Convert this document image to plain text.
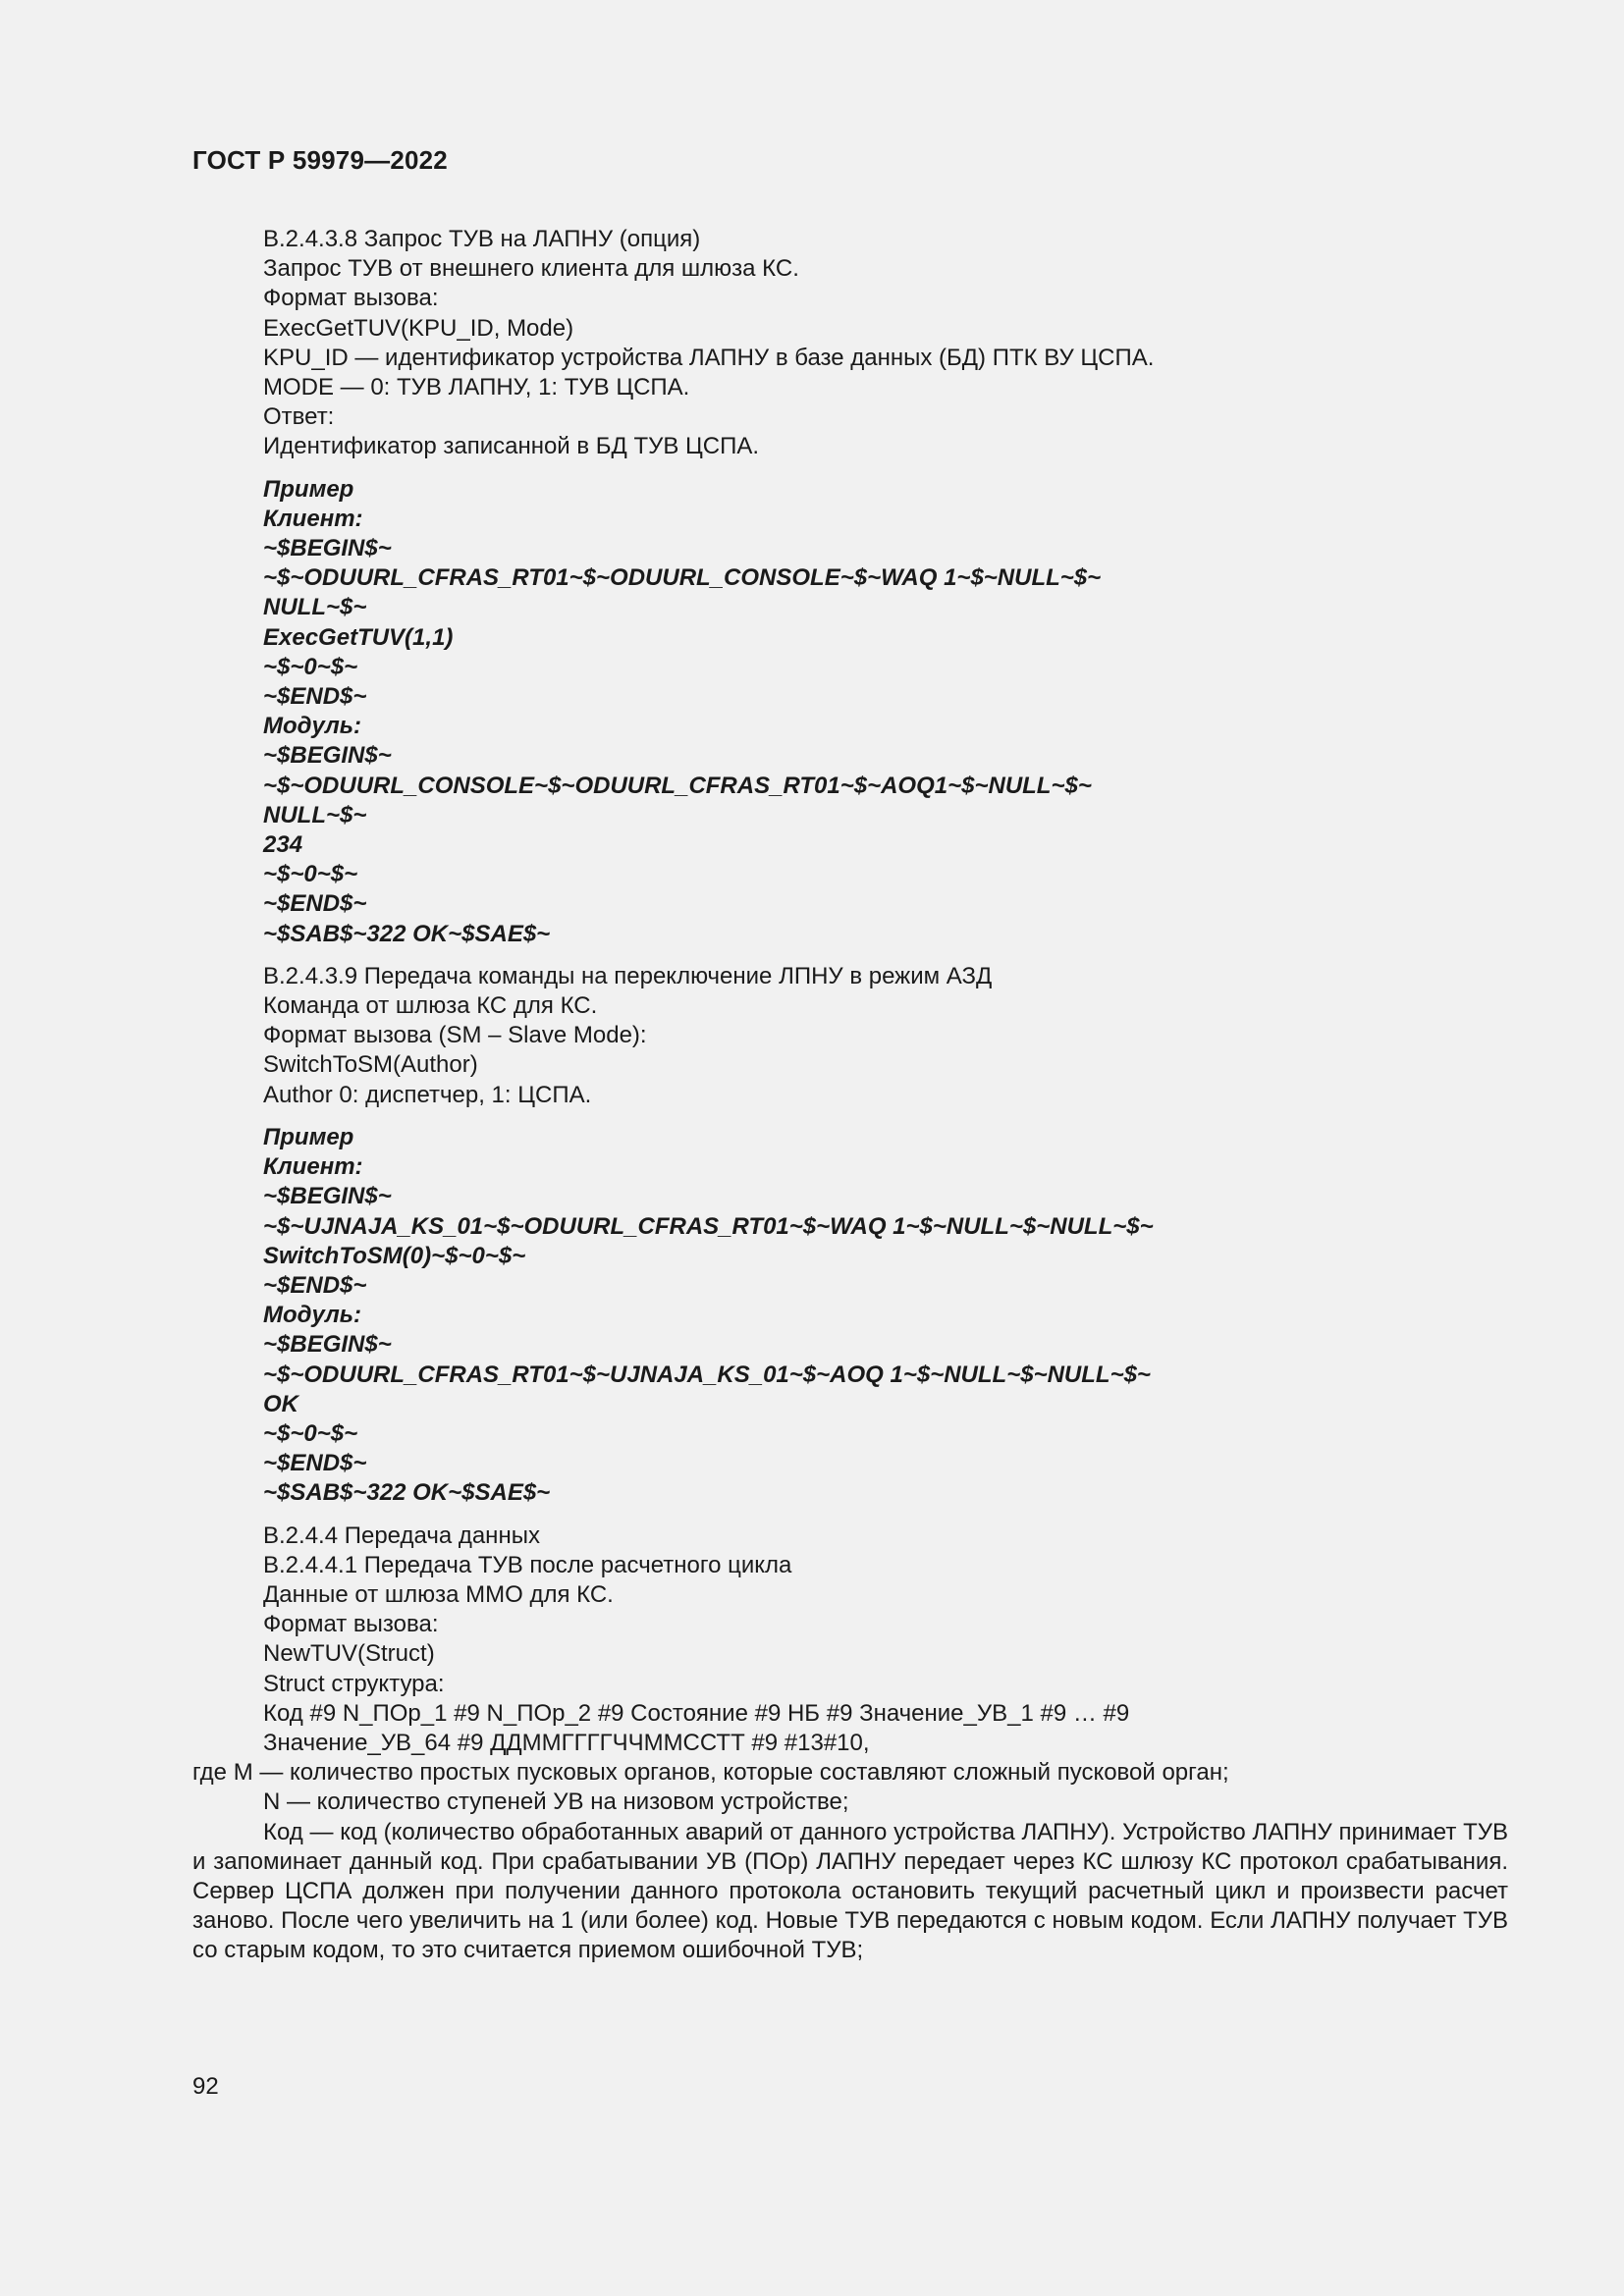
ГОСТ Р 59979—2022
В.2.4.3.8 Запрос ТУВ на ЛАПНУ (опция)
Запрос ТУВ от внешнего клиента для шлюза КС.
Формат вызова:
ExecGetTUV(KPU_ID, Mode)
KPU_ID — идентификатор устройства ЛАПНУ в базе данных (БД) ПТК ВУ ЦСПА.
MODE — 0: ТУВ ЛАПНУ, 1: ТУВ ЦСПА.
Ответ:
Идентификатор записанной в БД ТУВ ЦСПА.
Пример
Клиент:
~$BEGIN$~
~$~ODUURL_CFRAS_RT01~$~ODUURL_CONSOLE~$~WAQ 1~$~NULL~$~
NULL~$~
ExecGetTUV(1,1)
~$~0~$~
~$END$~
Модуль:
~$BEGIN$~
~$~ODUURL_CONSOLE~$~ODUURL_CFRAS_RT01~$~AOQ1~$~NULL~$~
NULL~$~
234
~$~0~$~
~$END$~
~$SAB$~322 OK~$SAE$~
В.2.4.3.9 Передача команды на переключение ЛПНУ в режим АЗД
Команда от шлюза КС для КС.
Формат вызова (SM – Slave Mode):
SwitchToSM(Author)
Author 0: диспетчер, 1: ЦСПА.
Пример
Клиент:
~$BEGIN$~
~$~UJNAJA_KS_01~$~ODUURL_CFRAS_RT01~$~WAQ 1~$~NULL~$~NULL~$~
SwitchToSM(0)~$~0~$~
~$END$~
Модуль:
~$BEGIN$~
~$~ODUURL_CFRAS_RT01~$~UJNAJA_KS_01~$~AOQ 1~$~NULL~$~NULL~$~
OK
~$~0~$~
~$END$~
~$SAB$~322 OK~$SAE$~
В.2.4.4 Передача данных
В.2.4.4.1 Передача ТУВ после расчетного цикла
Данные от шлюза ММО для КС.
Формат вызова:
NewTUV(Struct)
Struct структура:
Код #9 N_ПОр_1 #9 N_ПОр_2 #9 Состояние #9 НБ #9 Значение_УВ_1 #9 … #9
Значение_УВ_64 #9 ДДММГГГГЧЧММССТТ #9 #13#10,
где М — количество простых пусковых органов, которые составляют сложный пусковой орган;
N — количество ступеней УВ на низовом устройстве;
Код — код (количество обработанных аварий от данного устройства ЛАПНУ). Устройство ЛАПНУ принимает ТУВ и запоминает данный код. При срабатывании УВ (ПОр) ЛАПНУ передает через КС шлюзу КС протокол срабатывания. Сервер ЦСПА должен при получении данного протокола остановить текущий расчетный цикл и произвести расчет заново. После чего увеличить на 1 (или более) код. Новые ТУВ передаются с новым кодом. Если ЛАПНУ получает ТУВ со старым кодом, то это считается приемом ошибочной ТУВ;
92
